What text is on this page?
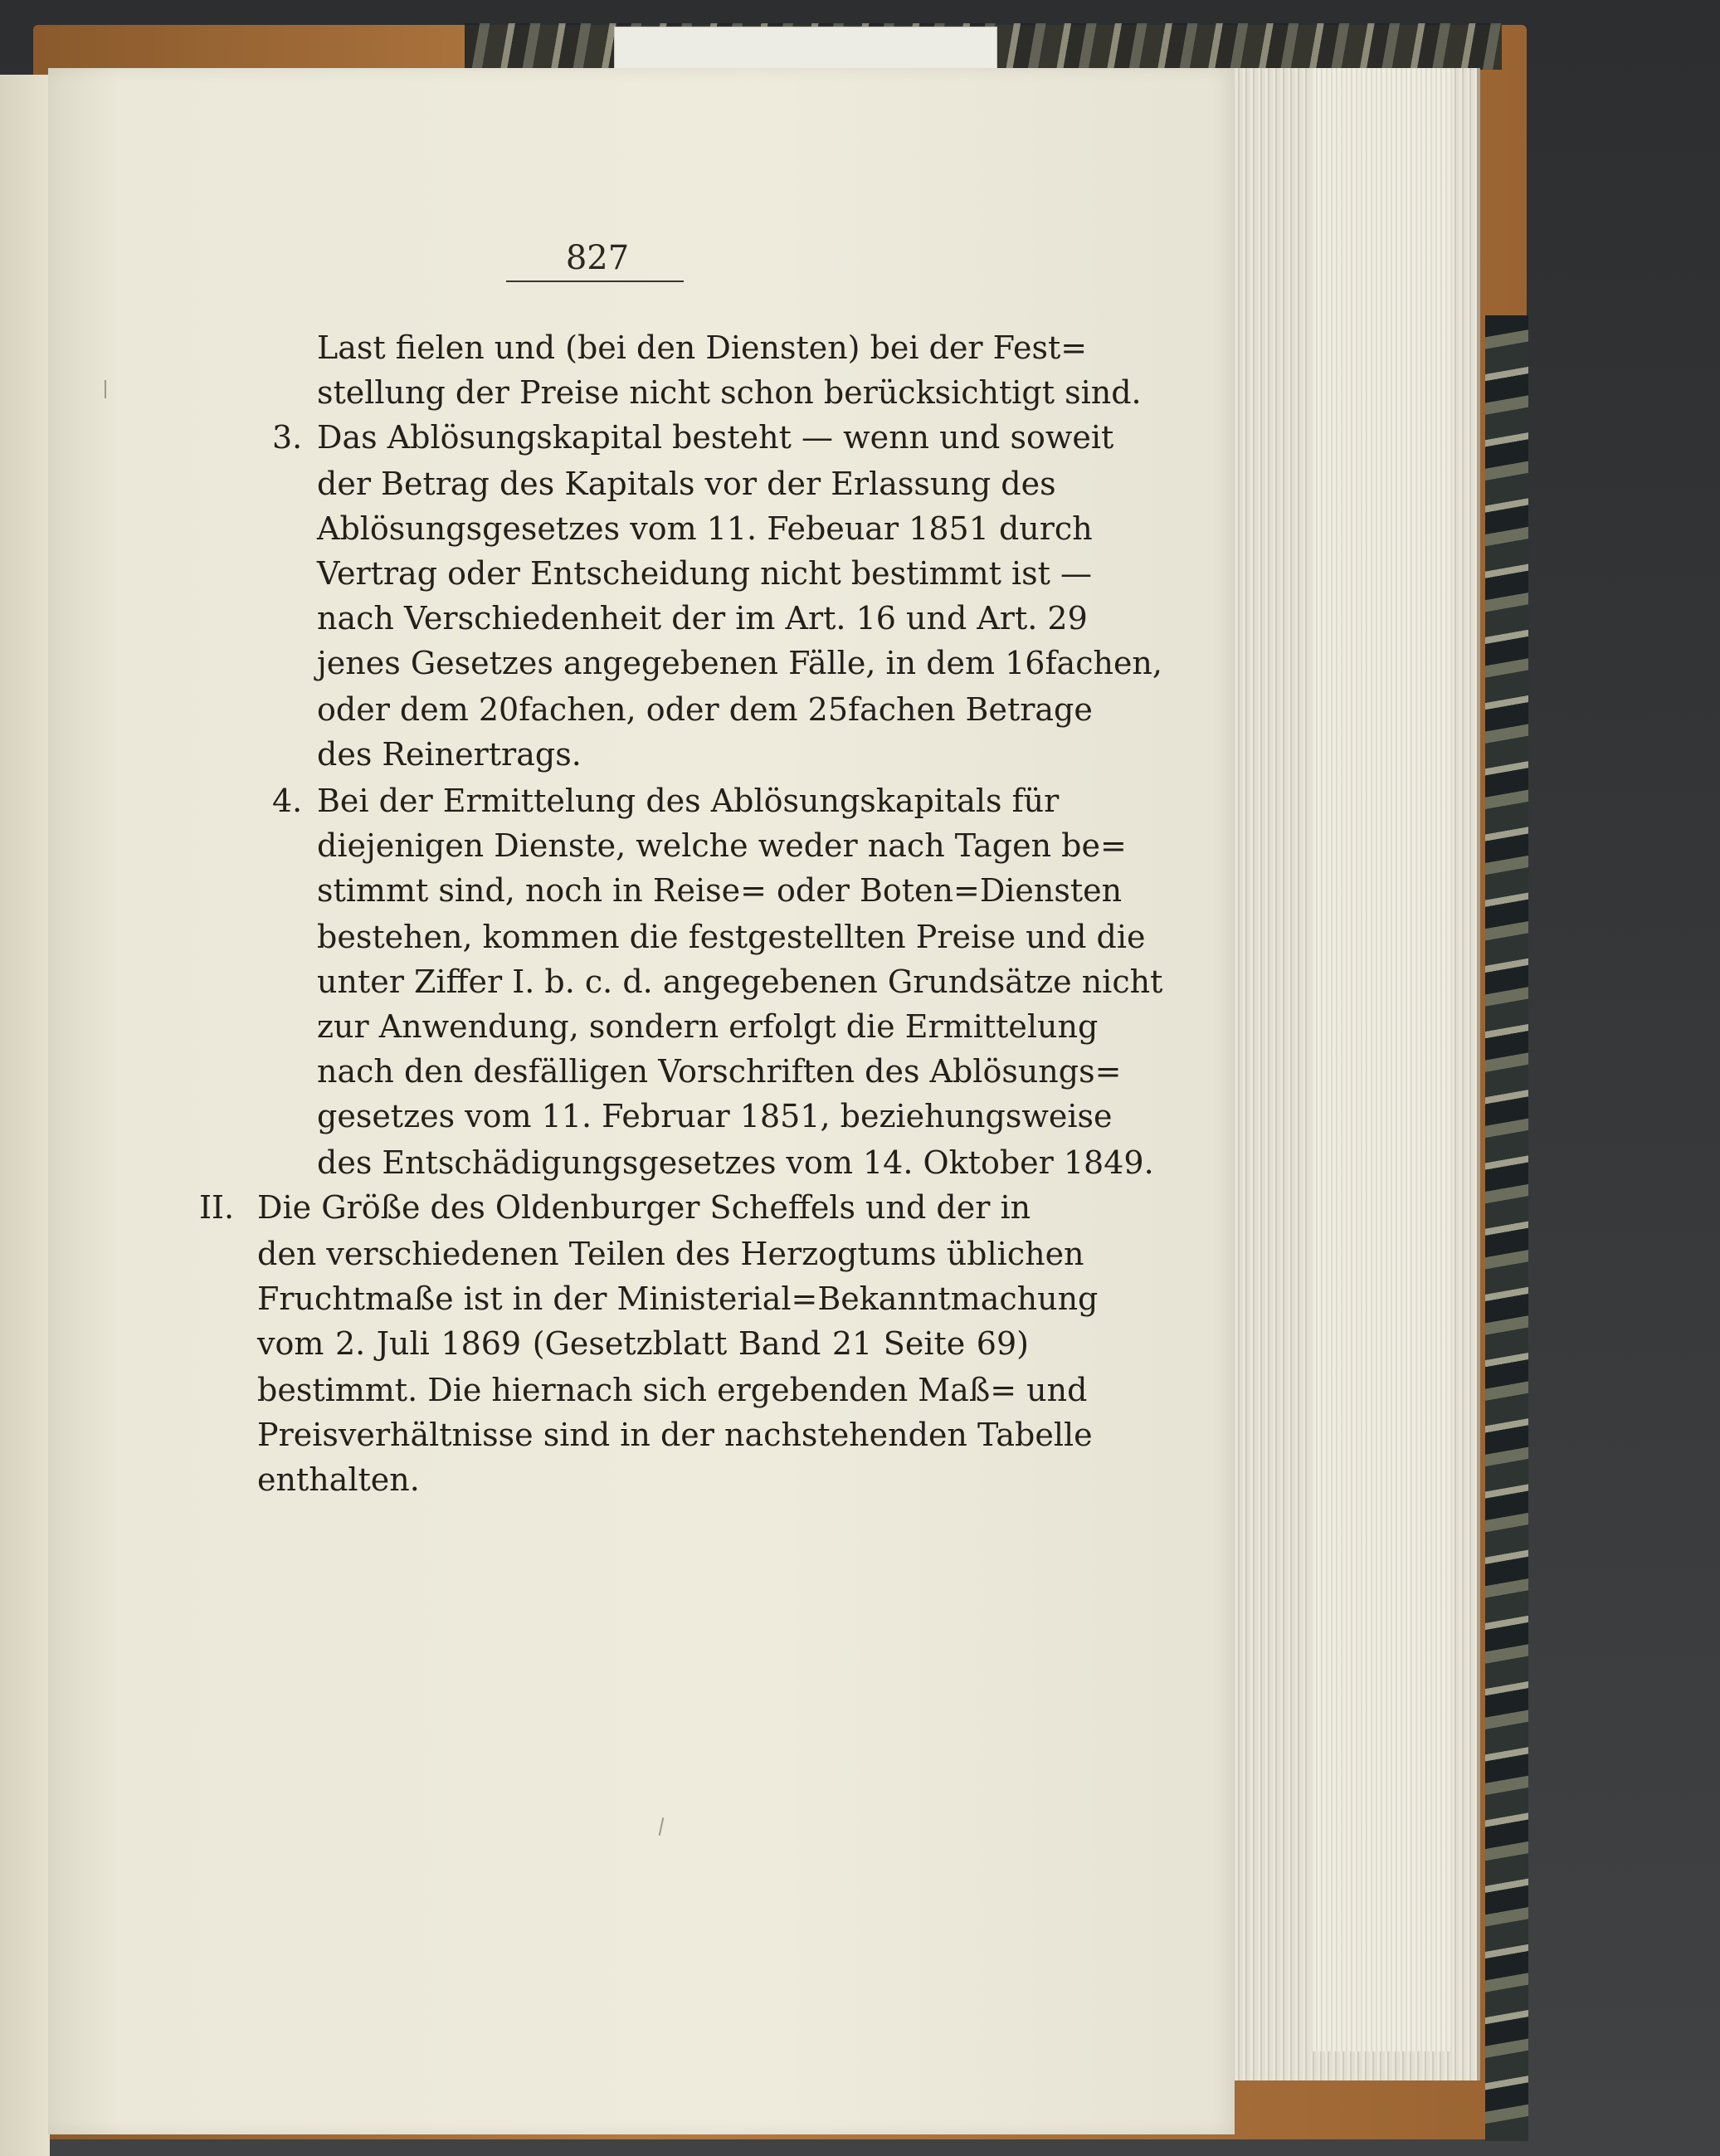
827
Last fielen und (bei den Diensten) bei der Fest=
stellung der Preise nicht schon berücksichtigt sind.
3. Das Ablösungskapital besteht — wenn und soweit
der Betrag des Kapitals vor der Erlassung des
Ablösungsgesetzes vom 11. Febeuar 1851 durch
Vertrag oder Entscheidung nicht bestimmt ist —
nach Verschiedenheit der im Art. 16 und Art. 29
jenes Gesetzes angegebenen Fälle, in dem 16fachen,
oder dem 20fachen, oder dem 25fachen Betrage
des Reinertrags.
4. Bei der Ermittelung des Ablösungskapitals für
diejenigen Dienste, welche weder nach Tagen be=
stimmt sind, noch in Reise= oder Boten=Diensten
bestehen, kommen die festgestellten Preise und die
unter Ziffer I. b. c. d. angegebenen Grundsätze nicht
zur Anwendung, sondern erfolgt die Ermittelung
nach den desfälligen Vorschriften des Ablösungs=
gesetzes vom 11. Februar 1851, beziehungsweise
des Entschädigungsgesetzes vom 14. Oktober 1849.
II. Die Größe des Oldenburger Scheffels und der in
den verschiedenen Teilen des Herzogtums üblichen
Fruchtmaße ist in der Ministerial=Bekanntmachung
vom 2. Juli 1869 (Gesetzblatt Band 21 Seite 69)
bestimmt. Die hiernach sich ergebenden Maß= und
Preisverhältnisse sind in der nachstehenden Tabelle
enthalten.
